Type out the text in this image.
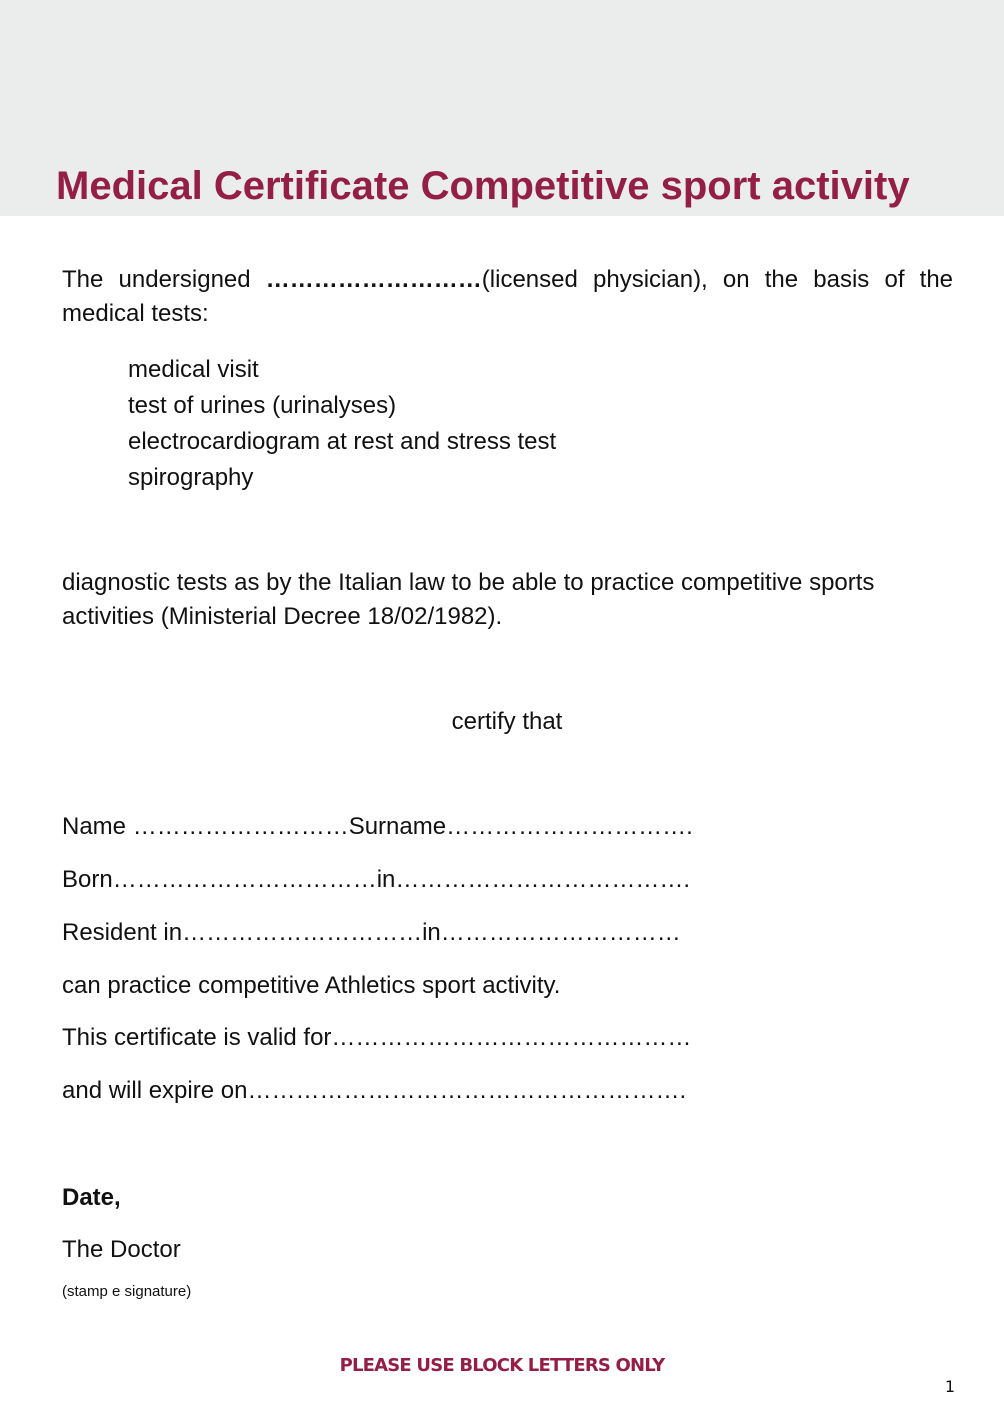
Medical Certificate Competitive sport activity

The undersigned ………………………(licensed physician), on the basis of the medical tests:

medical visit
test of urines (urinalyses)
electrocardiogram at rest and stress test
spirography

diagnostic tests as by the Italian law to be able to practice competitive sports activities (Ministerial Decree 18/02/1982).

certify that

Name ………………………Surname………………………….

Born……………………………in……………………………….

Resident in…………………………in…………………………

can practice competitive Athletics sport activity.

This certificate is valid for………………………………………

and will expire on……………………………………………….

Date,

The Doctor

(stamp e signature)

PLEASE USE BLOCK LETTERS ONLY

1
